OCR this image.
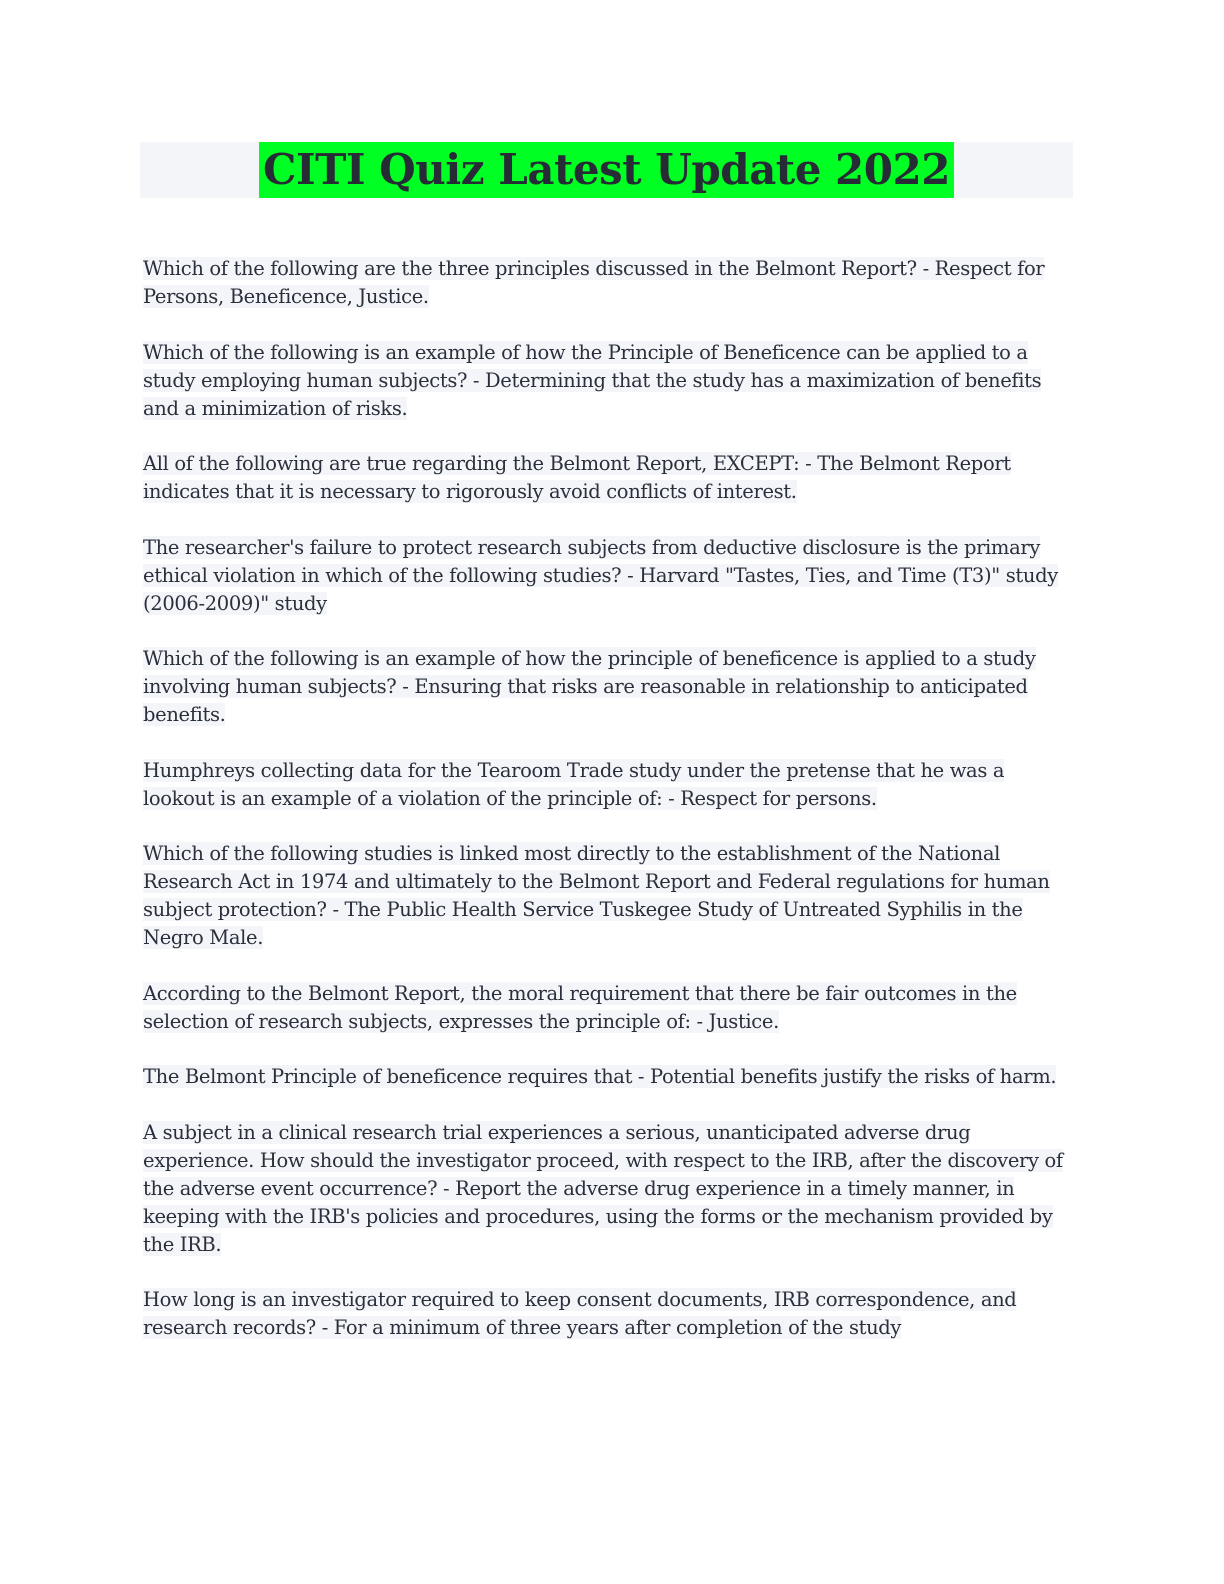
CITI Quiz Latest Update 2022

Which of the following are the three principles discussed in the Belmont Report? - Respect for Persons, Beneficence, Justice.

Which of the following is an example of how the Principle of Beneficence can be applied to a study employing human subjects? - Determining that the study has a maximization of benefits and a minimization of risks.

All of the following are true regarding the Belmont Report, EXCEPT: - The Belmont Report indicates that it is necessary to rigorously avoid conflicts of interest.

The researcher's failure to protect research subjects from deductive disclosure is the primary ethical violation in which of the following studies? - Harvard "Tastes, Ties, and Time (T3)" study (2006-2009)" study

Which of the following is an example of how the principle of beneficence is applied to a study involving human subjects? - Ensuring that risks are reasonable in relationship to anticipated benefits.

Humphreys collecting data for the Tearoom Trade study under the pretense that he was a lookout is an example of a violation of the principle of: - Respect for persons.

Which of the following studies is linked most directly to the establishment of the National Research Act in 1974 and ultimately to the Belmont Report and Federal regulations for human subject protection? - The Public Health Service Tuskegee Study of Untreated Syphilis in the Negro Male.

According to the Belmont Report, the moral requirement that there be fair outcomes in the selection of research subjects, expresses the principle of: - Justice.

The Belmont Principle of beneficence requires that - Potential benefits justify the risks of harm.

A subject in a clinical research trial experiences a serious, unanticipated adverse drug experience. How should the investigator proceed, with respect to the IRB, after the discovery of the adverse event occurrence? - Report the adverse drug experience in a timely manner, in keeping with the IRB's policies and procedures, using the forms or the mechanism provided by the IRB.

How long is an investigator required to keep consent documents, IRB correspondence, and research records? - For a minimum of three years after completion of the study
